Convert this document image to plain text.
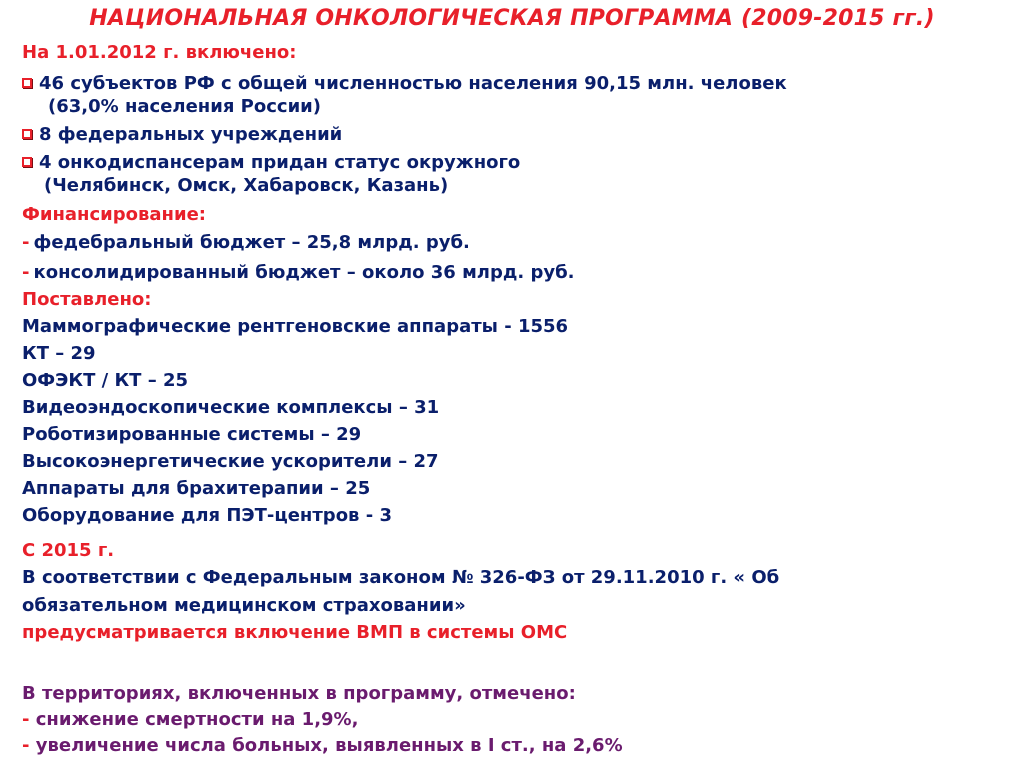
НАЦИОНАЛЬНАЯ ОНКОЛОГИЧЕСКАЯ ПРОГРАММА (2009-2015 гг.)
На 1.01.2012 г. включено:
46 субъектов РФ с общей численностью населения 90,15 млн. человек
(63,0% населения России)
8 федеральных учреждений
4 онкодиспансерам придан статус окружного
(Челябинск, Омск, Хабаровск, Казань)
Финансирование:
- федебральный бюджет – 25,8 млрд. руб.
- консолидированный бюджет – около 36 млрд. руб.
Поставлено:
Маммографические рентгеновские аппараты - 1556
КТ – 29
ОФЭКТ / КТ – 25
Видеоэндоскопические комплексы – 31
Роботизированные системы – 29
Высокоэнергетические ускорители – 27
Аппараты для брахитерапии – 25
Оборудование для ПЭТ-центров - 3
С 2015 г.
В соответствии с Федеральным законом № 326-ФЗ от 29.11.2010 г. « Об
обязательном медицинском страховании»
предусматривается включение ВМП в системы ОМС
В территориях, включенных в программу, отмечено:
- снижение смертности на 1,9%,
- увеличение числа больных, выявленных в I ст., на 2,6%
